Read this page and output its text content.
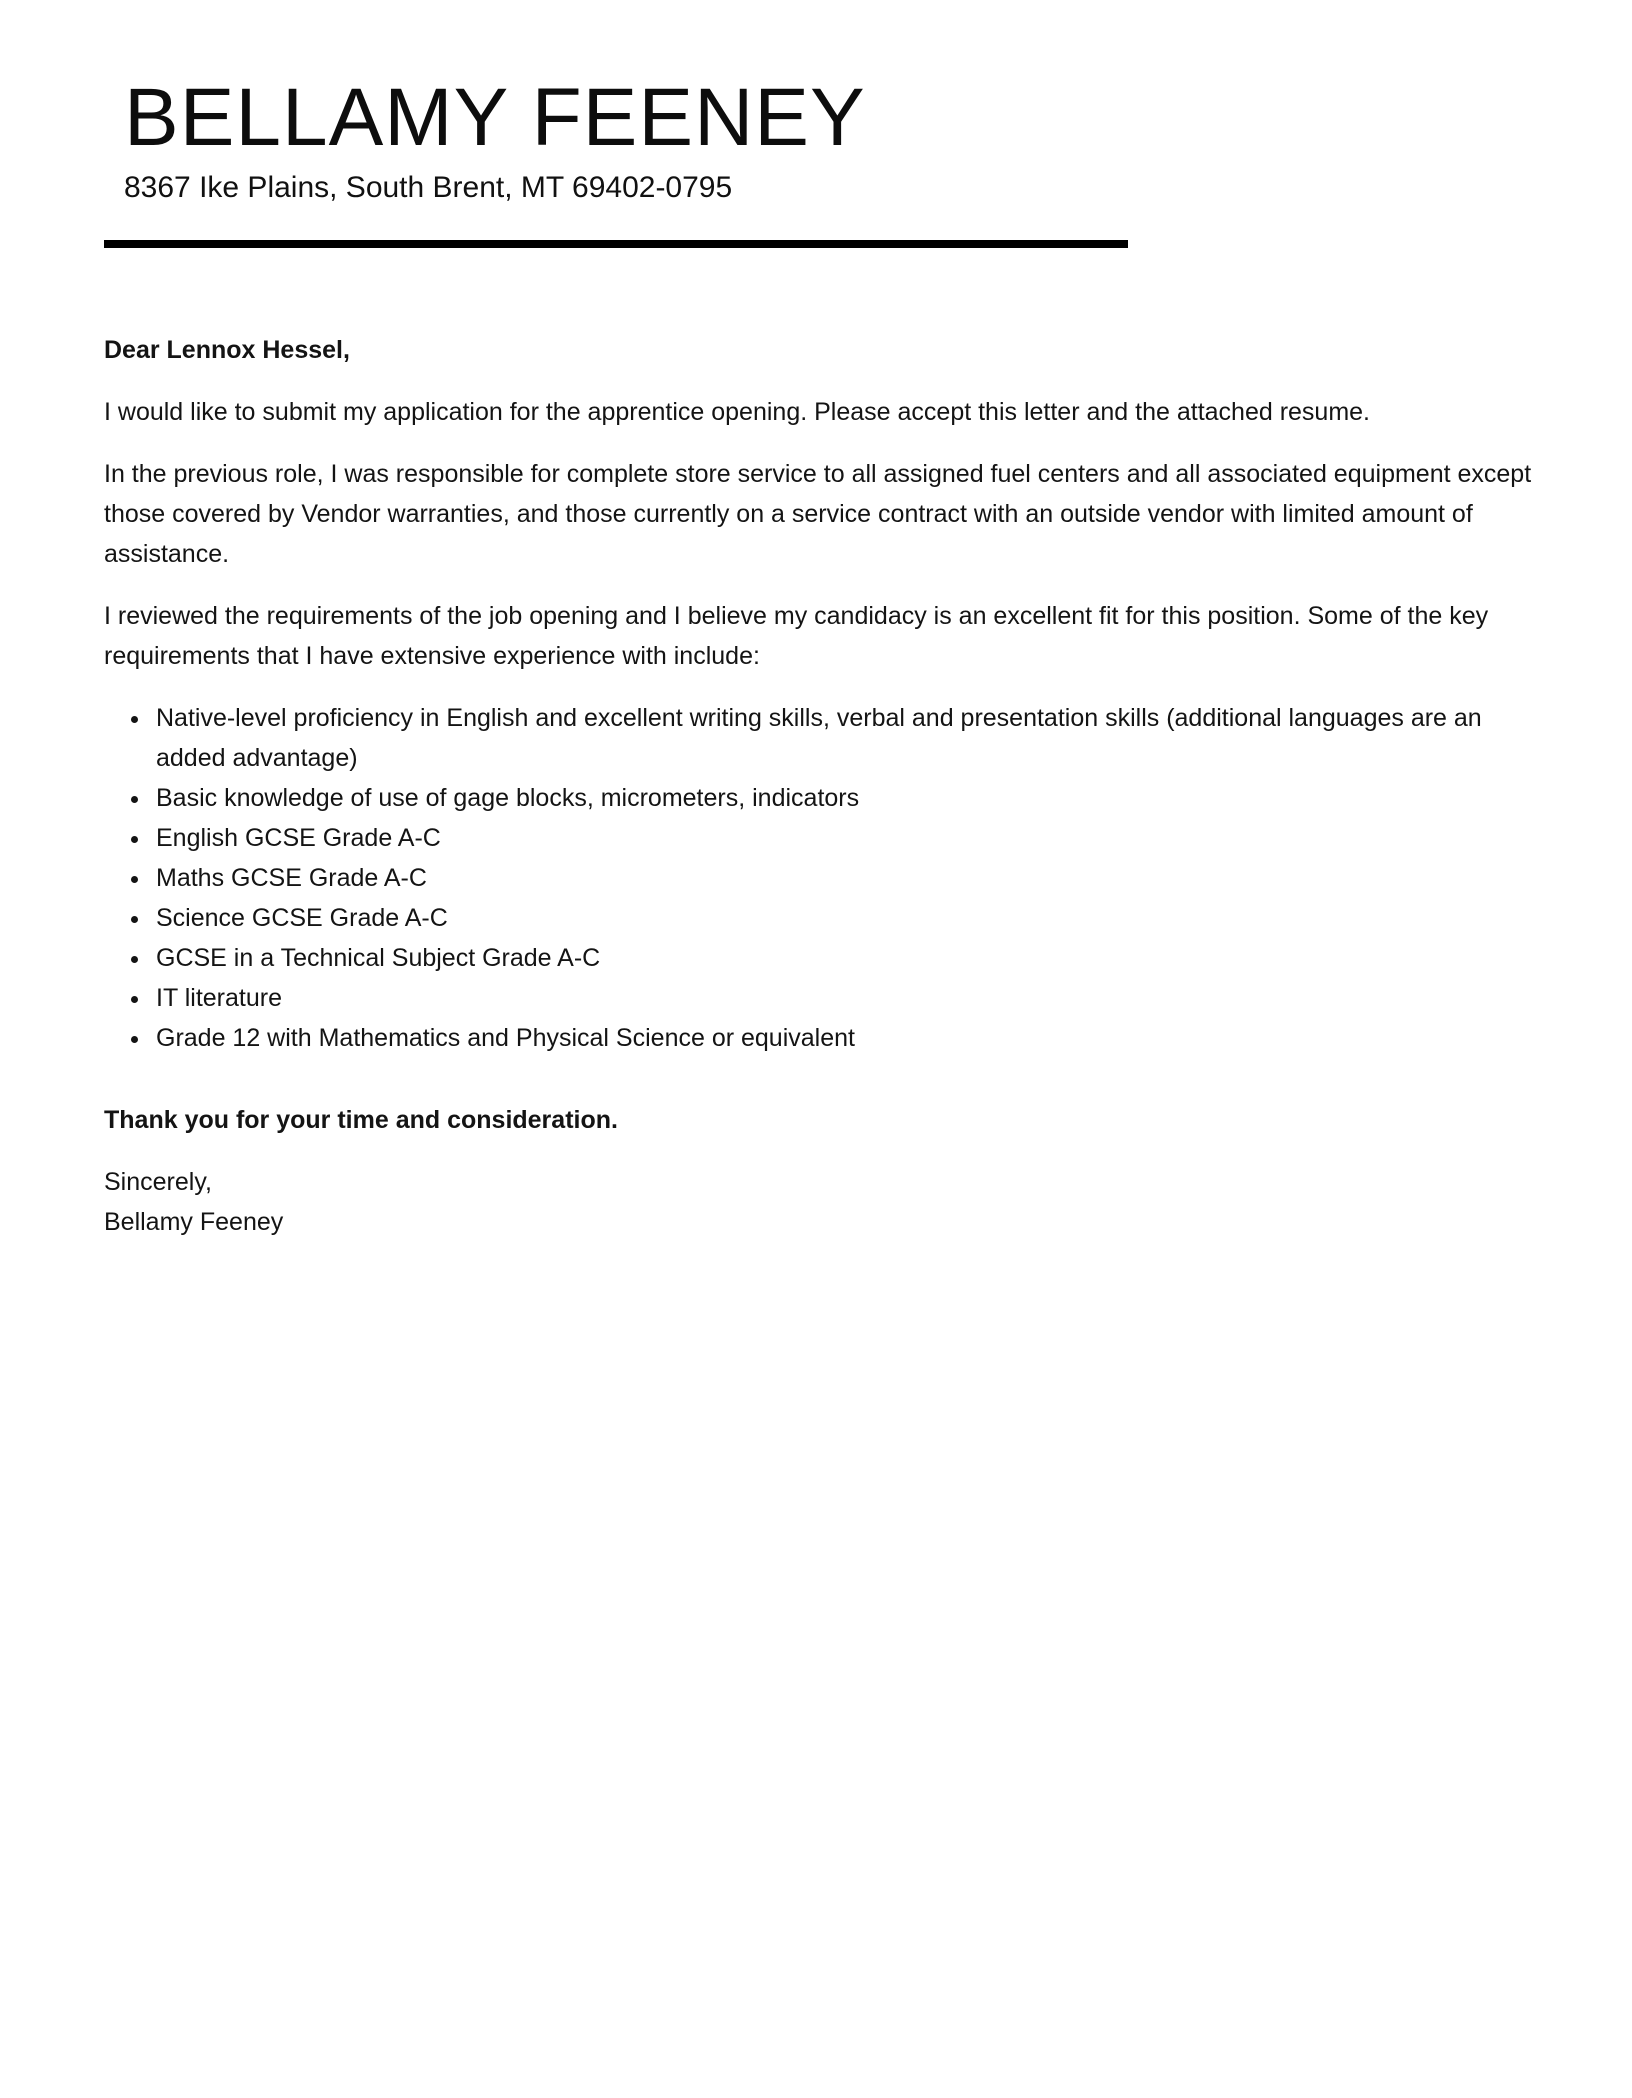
BELLAMY FEENEY
8367 Ike Plains, South Brent, MT 69402-0795

Dear Lennox Hessel,

I would like to submit my application for the apprentice opening. Please accept this letter and the attached resume.

In the previous role, I was responsible for complete store service to all assigned fuel centers and all associated equipment except those covered by Vendor warranties, and those currently on a service contract with an outside vendor with limited amount of assistance.

I reviewed the requirements of the job opening and I believe my candidacy is an excellent fit for this position. Some of the key requirements that I have extensive experience with include:

• Native-level proficiency in English and excellent writing skills, verbal and presentation skills (additional languages are an added advantage)
• Basic knowledge of use of gage blocks, micrometers, indicators
• English GCSE Grade A-C
• Maths GCSE Grade A-C
• Science GCSE Grade A-C
• GCSE in a Technical Subject Grade A-C
• IT literature
• Grade 12 with Mathematics and Physical Science or equivalent

Thank you for your time and consideration.

Sincerely,
Bellamy Feeney
